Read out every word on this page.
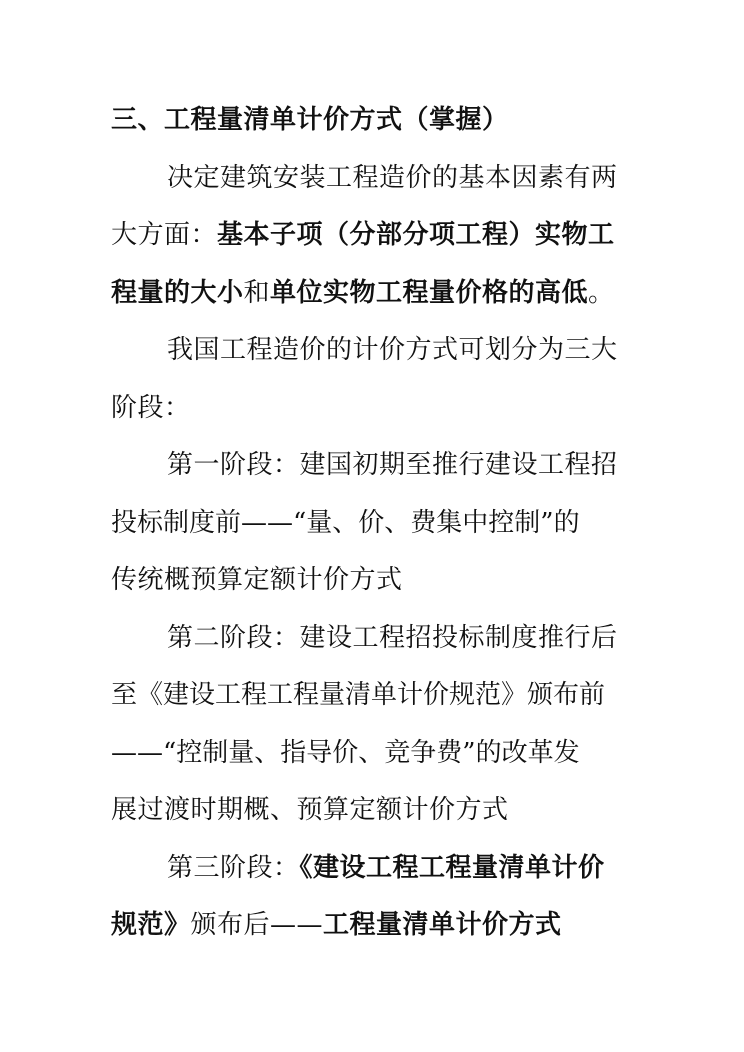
三、工程量清单计价方式（掌握）
决定建筑安装工程造价的基本因素有两
大方面：基本子项（分部分项工程）实物工
程量的大小和单位实物工程量价格的高低。
我国工程造价的计价方式可划分为三大
阶段：
第一阶段：建国初期至推行建设工程招
投标制度前——“量、价、费集中控制”的
传统概预算定额计价方式
第二阶段：建设工程招投标制度推行后
至《建设工程工程量清单计价规范》颁布前
——“控制量、指导价、竞争费”的改革发
展过渡时期概、预算定额计价方式
第三阶段：《建设工程工程量清单计价
规范》颁布后——工程量清单计价方式
